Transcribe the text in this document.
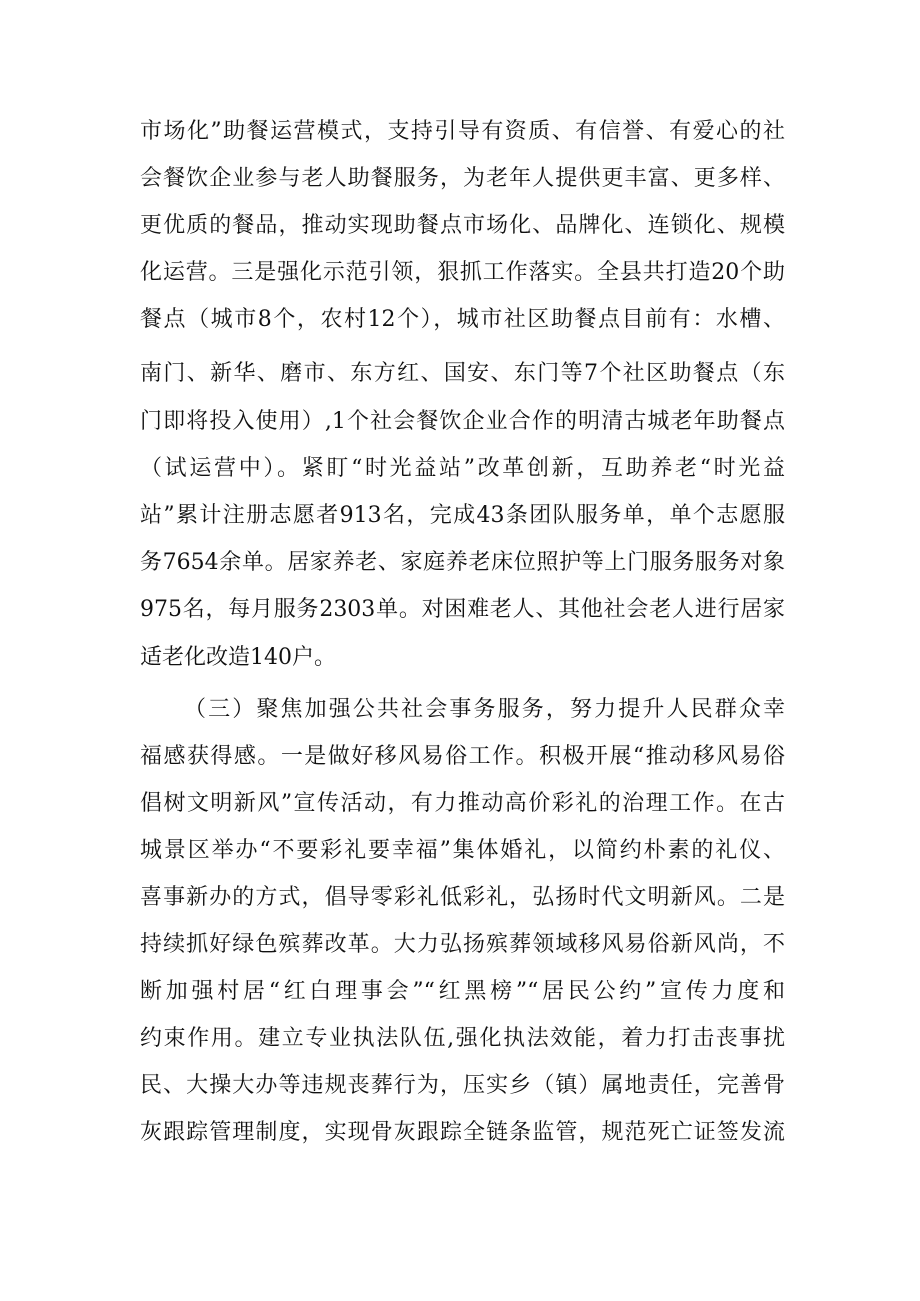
市场化”助餐运营模式，支持引导有资质、有信誉、有爱心的社
会餐饮企业参与老人助餐服务，为老年人提供更丰富、更多样、
更优质的餐品，推动实现助餐点市场化、品牌化、连锁化、规模
化运营。三是强化示范引领，狠抓工作落实。全县共打造20个助
餐点（城市8个，农村12个），城市社区助餐点目前有：水槽、
南门、新华、磨市、东方红、国安、东门等7个社区助餐点（东
门即将投入使用）,1个社会餐饮企业合作的明清古城老年助餐点
（试运营中）。紧盯“时光益站”改革创新，互助养老“时光益
站”累计注册志愿者913名，完成43条团队服务单，单个志愿服
务7654余单。居家养老、家庭养老床位照护等上门服务服务对象
975名，每月服务2303单。对困难老人、其他社会老人进行居家
适老化改造140户。
（三）聚焦加强公共社会事务服务，努力提升人民群众幸
福感获得感。一是做好移风易俗工作。积极开展“推动移风易俗
倡树文明新风”宣传活动，有力推动高价彩礼的治理工作。在古
城景区举办“不要彩礼要幸福”集体婚礼，以简约朴素的礼仪、
喜事新办的方式，倡导零彩礼低彩礼，弘扬时代文明新风。二是
持续抓好绿色殡葬改革。大力弘扬殡葬领域移风易俗新风尚，不
断加强村居“红白理事会”“红黑榜”“居民公约”宣传力度和
约束作用。建立专业执法队伍,强化执法效能，着力打击丧事扰
民、大操大办等违规丧葬行为，压实乡（镇）属地责任，完善骨
灰跟踪管理制度，实现骨灰跟踪全链条监管，规范死亡证签发流
